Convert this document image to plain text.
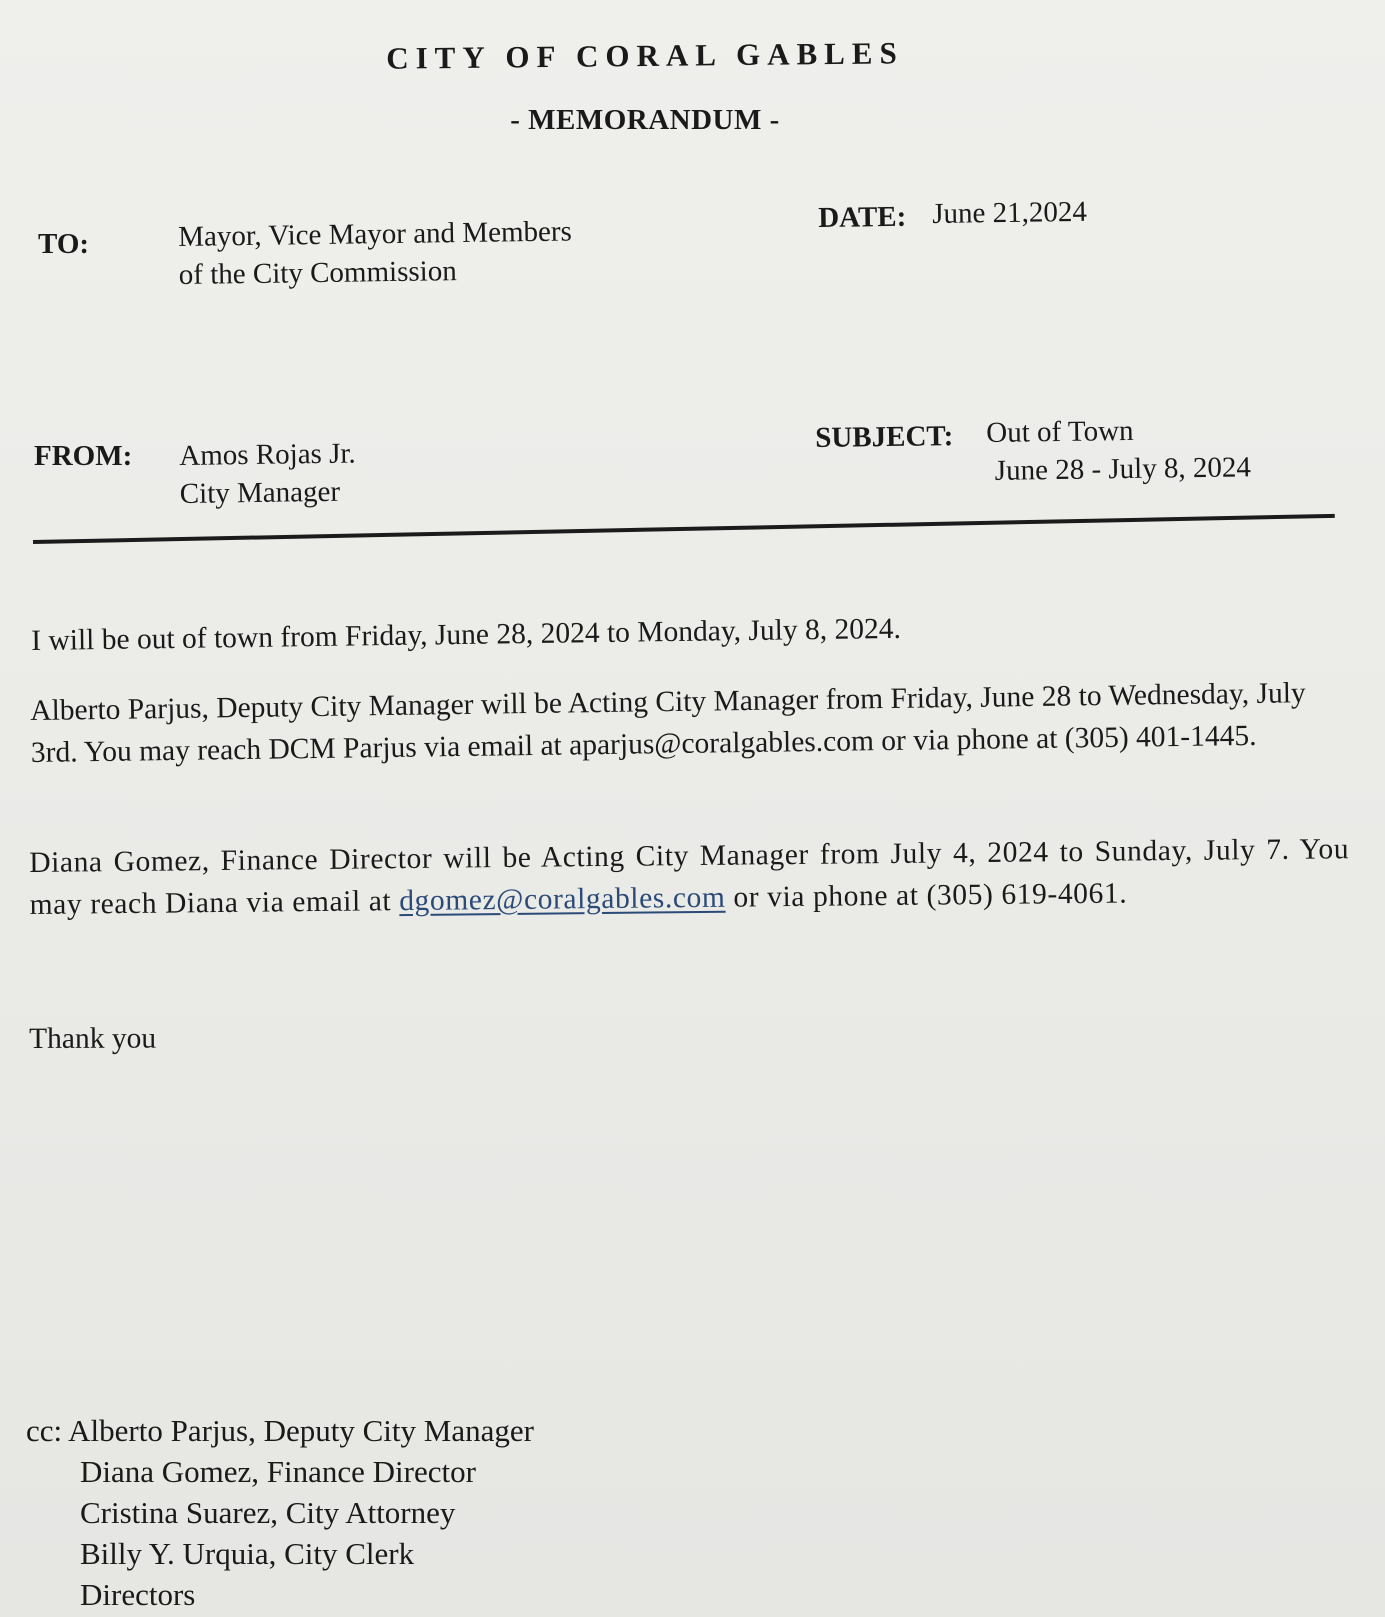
CITY OF CORAL GABLES
- MEMORANDUM -
TO:	Mayor, Vice Mayor and Members
of the City Commission
DATE: June 21,2024
FROM: Amos Rojas Jr.
City Manager
SUBJECT: Out of Town
June 28 - July 8, 2024
I will be out of town from Friday, June 28, 2024 to Monday, July 8, 2024.
Alberto Parjus, Deputy City Manager will be Acting City Manager from Friday, June 28 to Wednesday, July 3rd. You may reach DCM Parjus via email at aparjus@coralgables.com or via phone at (305) 401-1445.
Diana Gomez, Finance Director will be Acting City Manager from July 4, 2024 to Sunday, July 7. You may reach Diana via email at dgomez@coralgables.com or via phone at (305) 619-4061.
Thank you
cc: Alberto Parjus, Deputy City Manager
Diana Gomez, Finance Director
Cristina Suarez, City Attorney
Billy Y. Urquia, City Clerk
Directors
